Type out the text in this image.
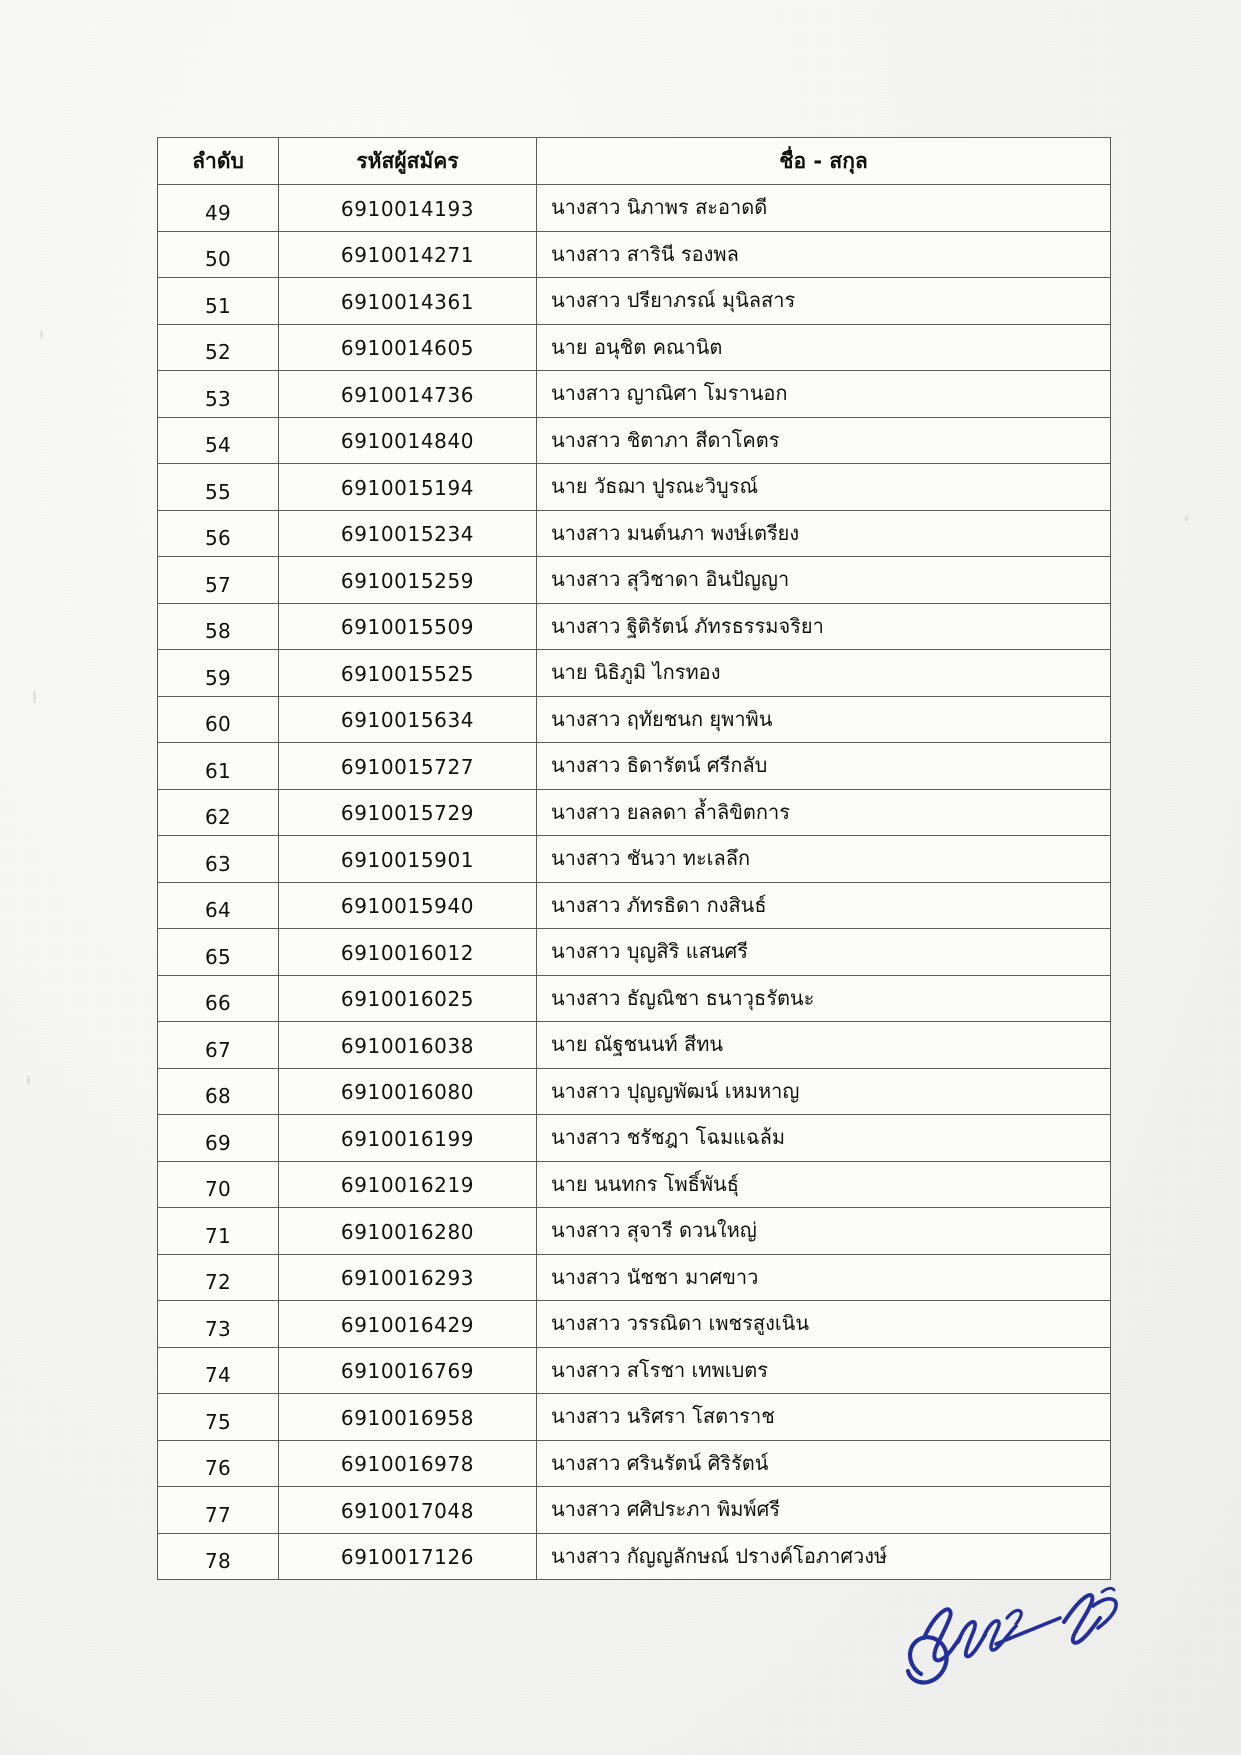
ลำดับ	รหัสผู้สมัคร	ชื่อ - สกุล
49	6910014193	นางสาว นิภาพร สะอาดดี
50	6910014271	นางสาว สารินี รองพล
51	6910014361	นางสาว ปรียาภรณ์ มุนิลสาร
52	6910014605	นาย อนุชิต คณานิต
53	6910014736	นางสาว ญาณิศา โมรานอก
54	6910014840	นางสาว ชิตาภา สีดาโคตร
55	6910015194	นาย วัธฌา ปูรณะวิบูรณ์
56	6910015234	นางสาว มนต์นภา พงษ์เตรียง
57	6910015259	นางสาว สุวิชาดา อินปัญญา
58	6910015509	นางสาว ฐิติรัตน์ ภัทรธรรมจริยา
59	6910015525	นาย นิธิภูมิ ไกรทอง
60	6910015634	นางสาว ฤทัยชนก ยุพาพิน
61	6910015727	นางสาว ธิดารัตน์ ศรีกลับ
62	6910015729	นางสาว ยลลดา ล้ำลิขิตการ
63	6910015901	นางสาว ชันวา ทะเลลึก
64	6910015940	นางสาว ภัทรธิดา กงสินธ์
65	6910016012	นางสาว บุญสิริ แสนศรี
66	6910016025	นางสาว ธัญณิชา ธนาวุธรัตนะ
67	6910016038	นาย ณัฐชนนท์ สีทน
68	6910016080	นางสาว ปุญญพัฒน์ เหมหาญ
69	6910016199	นางสาว ชรัชฎา โฉมแฉล้ม
70	6910016219	นาย นนทกร โพธิ์พันธุ์
71	6910016280	นางสาว สุจารี ดวนใหญ่
72	6910016293	นางสาว นัชชา มาศขาว
73	6910016429	นางสาว วรรณิดา เพชรสูงเนิน
74	6910016769	นางสาว สโรชา เทพเบตร
75	6910016958	นางสาว นริศรา โสตาราช
76	6910016978	นางสาว ศรินรัตน์ ศิริรัตน์
77	6910017048	นางสาว ศศิประภา พิมพ์ศรี
78	6910017126	นางสาว กัญญลักษณ์ ปรางค์โอภาศวงษ์
